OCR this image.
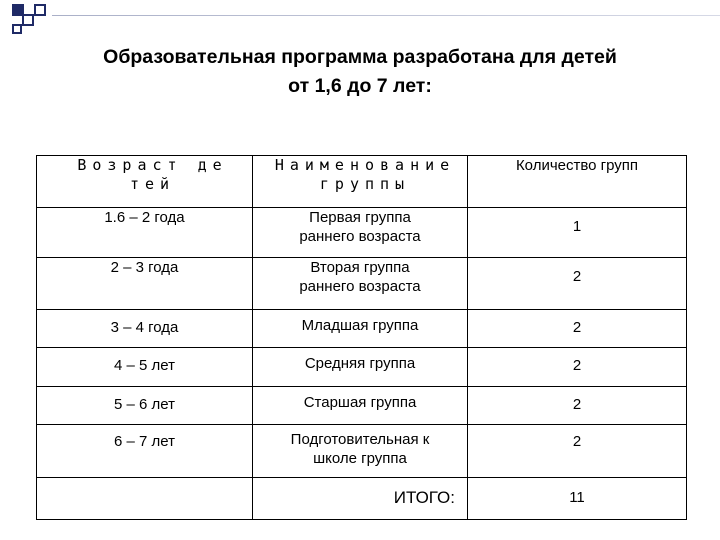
Образовательная программа разработана для детей
от 1,6 до 7 лет:
Возраст детей	Наименование группы	Количество групп
1.6 – 2 года	Первая группа раннего возраста	1
2 – 3 года	Вторая группа раннего возраста	2
3 – 4 года	Младшая группа	2
4 – 5 лет	Средняя группа	2
5 – 6 лет	Старшая группа	2
6 – 7 лет	Подготовительная к школе группа	2
	ИТОГО:	11
